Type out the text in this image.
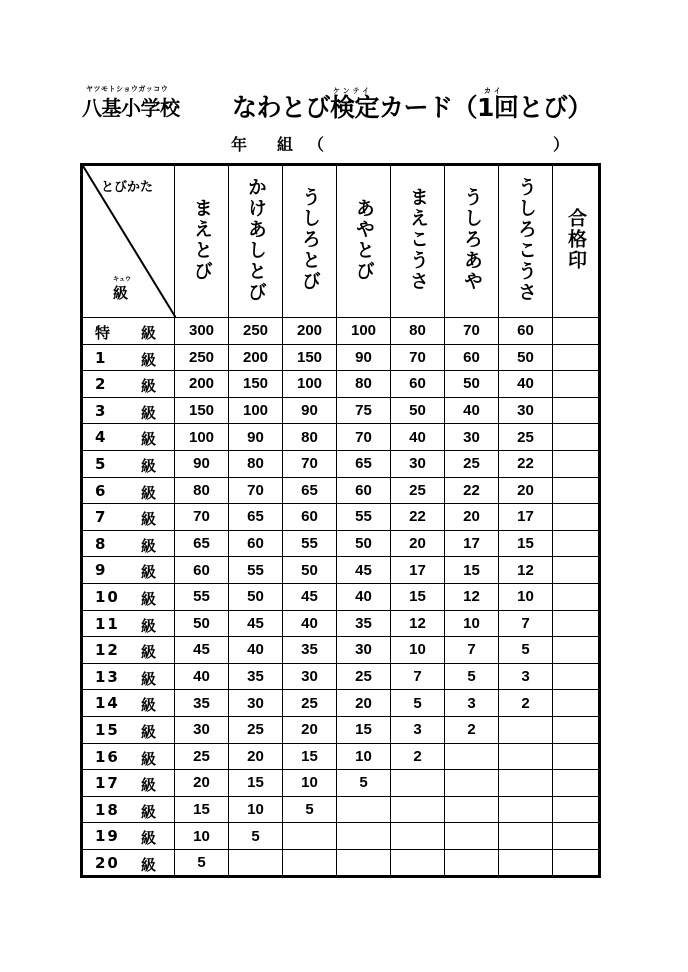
ヤツモトショウガッコウ
八基小学校
ケンテイ	カイ
なわとび検定カード（1回とび）
年 組 （	）
とびかた
キュウ
級	まえとび	かけあしとび	うしろとび	あやとび	まえこうさ	うしろあや	うしろこうさ	合格印

特 級	300	250	200	100	80	70	60	

1 級	250	200	150	90	70	60	50	

2 級	200	150	100	80	60	50	40	

3 級	150	100	90	75	50	40	30	

4 級	100	90	80	70	40	30	25	

5 級	90	80	70	65	30	25	22	

6 級	80	70	65	60	25	22	20	

7 級	70	65	60	55	22	20	17	

8 級	65	60	55	50	20	17	15	

9 級	60	55	50	45	17	15	12	

10 級	55	50	45	40	15	12	10	

11 級	50	45	40	35	12	10	7	

12 級	45	40	35	30	10	7	5	

13 級	40	35	30	25	7	5	3	

14 級	35	30	25	20	5	3	2	

15 級	30	25	20	15	3	2		

16 級	25	20	15	10	2			

17 級	20	15	10	5				

18 級	15	10	5					

19 級	10	5						

20 級	5							
